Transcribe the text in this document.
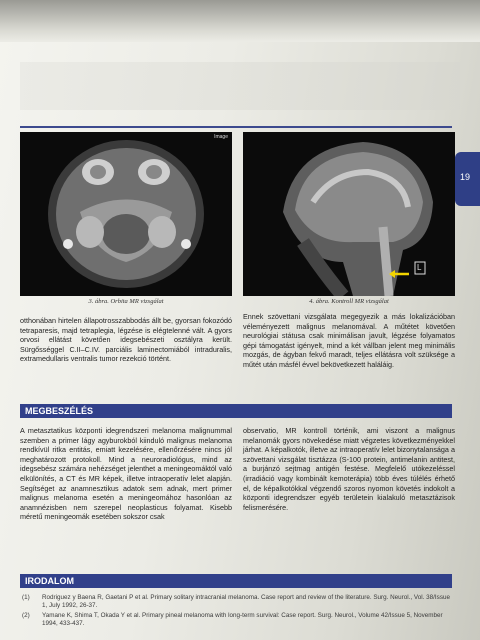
19
Image
L
3. ábra. Orbita MR vizsgálat	4. ábra. Kontroll MR vizsgálat

otthonában hirtelen állapotrosszabbodás állt be, gyorsan fokozódó tetraparesis, majd tetraplegia, légzése is elégtelenné vált. A gyors orvosi ellátást követően idegsebészeti osztályra került. Sürgősséggel C.II–C.IV. parciális laminectomiából intraduralis, extramedullaris ventralis tumor rezekció történt.

Ennek szövettani vizsgálata megegyezik a más lokalizációban véleményezett malignus melanomával. A műtétet követően neurológiai státusa csak minimálisan javult, légzése folyamatos gépi támogatást igényelt, mind a két vállban jelent meg minimális mozgás, de ágyban fekvő maradt, teljes ellátásra volt szüksége a műtét után másfél évvel bekövetkezett haláláig.

MEGBESZÉLÉS

A metasztatikus központi idegrendszeri melanoma malignummal szemben a primer lágy agyburokból kiinduló malignus melanoma rendkívül ritka entitás, emiatt kezelésére, ellenőrzésére nincs jól meghatározott protokoll. Mind a neuroradiológus, mind az idegsebész számára nehézséget jelenthet a meningeomáktól való elkülönítés, a CT és MR képek, illetve intraoperatív lelet alapján. Segítséget az anamnesztikus adatok sem adnak, mert primer malignus melanoma esetén a meningeomához hasonlóan az anamnézisben nem szerepel neoplasticus folyamat. Kisebb méretű meningeomák esetében sokszor csak

observatio, MR kontroll történik, ami viszont a malignus melanomák gyors növekedése miatt végzetes következményekkel járhat. A képalkotók, illetve az intraoperatív lelet bizonytalansága a szövettani vizsgálat tisztázza (S-100 protein, antimelanin antitest, a burjánzó sejtmag antigén festése. Megfelelő utókezeléssel (irradiáció vagy kombinált kemoterápia) több éves túlélés érhető el, de képalkotókkal végzendő szoros nyomon követés indokolt a központi idegrendszer egyéb területein kialakuló metasztázisok felismerésére.

IRODALOM
(1) Rodriguez y Baena R, Gaetani P et al. Primary solitary intracranial melanoma. Case report and review of the literature. Surg. Neurol., Vol. 38/Issue 1, July 1992, 26-37.
(2) Yamane K, Shima T, Okada Y et al. Primary pineal melanoma with long-term survival: Case report. Surg. Neurol., Volume 42/Issue 5, November 1994, 433-437.
